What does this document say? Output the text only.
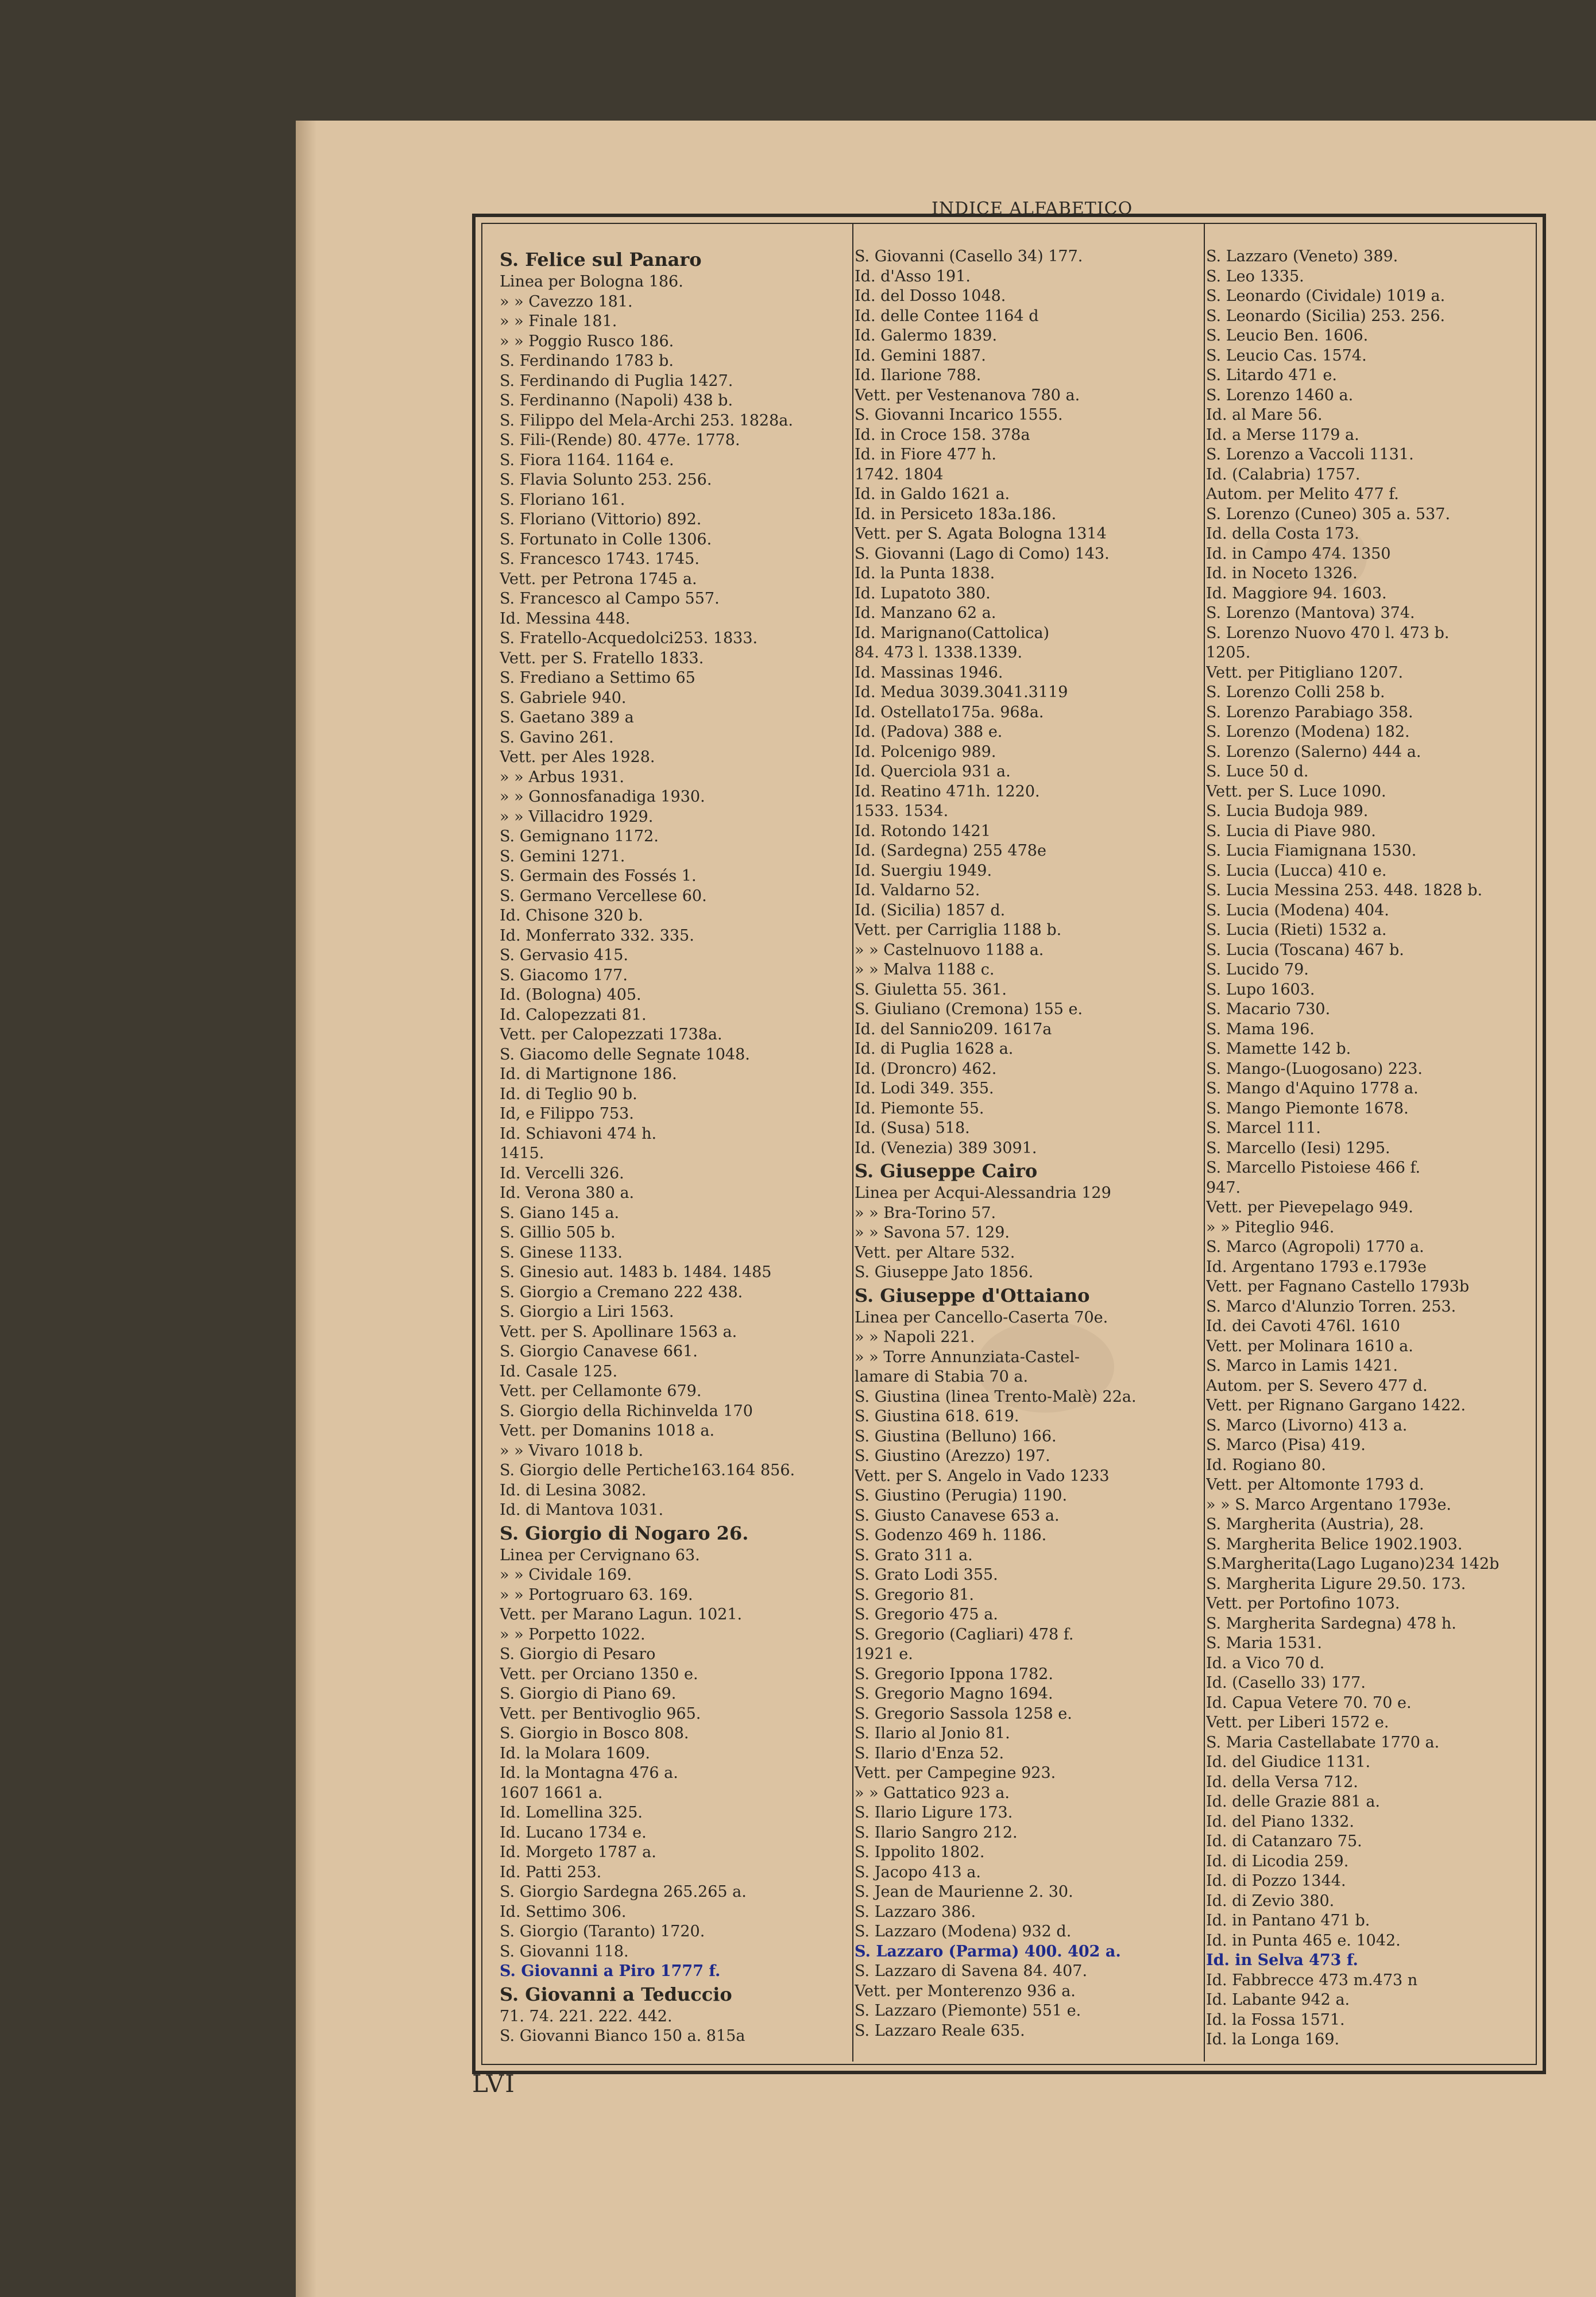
INDICE ALFABETICO
S. Felice sul Panaro
Linea per Bologna 186.
» » Cavezzo 181.
» » Finale 181.
» » Poggio Rusco 186.
S. Ferdinando 1783 b.
S. Ferdinando di Puglia 1427.
S. Ferdinanno (Napoli) 438 b.
S. Filippo del Mela-Archi 253. 1828a.
S. Fili-(Rende) 80. 477e. 1778.
S. Fiora 1164. 1164 e.
S. Flavia Solunto 253. 256.
S. Floriano 161.
S. Floriano (Vittorio) 892.
S. Fortunato in Colle 1306.
S. Francesco 1743. 1745.
Vett. per Petrona 1745 a.
S. Francesco al Campo 557.
Id. Messina 448.
S. Fratello-Acquedolci253. 1833.
Vett. per S. Fratello 1833.
S. Frediano a Settimo 65
S. Gabriele 940.
S. Gaetano 389 a
S. Gavino 261.
Vett. per Ales 1928.
» » Arbus 1931.
» » Gonnosfanadiga 1930.
» » Villacidro 1929.
S. Gemignano 1172.
S. Gemini 1271.
S. Germain des Fossés 1.
S. Germano Vercellese 60.
Id. Chisone 320 b.
Id. Monferrato 332. 335.
S. Gervasio 415.
S. Giacomo 177.
Id. (Bologna) 405.
Id. Calopezzati 81.
Vett. per Calopezzati 1738a.
S. Giacomo delle Segnate 1048.
Id. di Martignone 186.
Id. di Teglio 90 b.
Id, e Filippo 753.
Id. Schiavoni 474 h.
1415.
Id. Vercelli 326.
Id. Verona 380 a.
S. Giano 145 a.
S. Gillio 505 b.
S. Ginese 1133.
S. Ginesio aut. 1483 b. 1484. 1485
S. Giorgio a Cremano 222 438.
S. Giorgio a Liri 1563.
Vett. per S. Apollinare 1563 a.
S. Giorgio Canavese 661.
Id. Casale 125.
Vett. per Cellamonte 679.
S. Giorgio della Richinvelda 170
Vett. per Domanins 1018 a.
» » Vivaro 1018 b.
S. Giorgio delle Pertiche163.164 856.
Id. di Lesina 3082.
Id. di Mantova 1031.
S. Giorgio di Nogaro 26.
Linea per Cervignano 63.
» » Cividale 169.
» » Portogruaro 63. 169.
Vett. per Marano Lagun. 1021.
» » Porpetto 1022.
S. Giorgio di Pesaro
Vett. per Orciano 1350 e.
S. Giorgio di Piano 69.
Vett. per Bentivoglio 965.
S. Giorgio in Bosco 808.
Id. la Molara 1609.
Id. la Montagna 476 a.
1607 1661 a.
Id. Lomellina 325.
Id. Lucano 1734 e.
Id. Morgeto 1787 a.
Id. Patti 253.
S. Giorgio Sardegna 265.265 a.
Id. Settimo 306.
S. Giorgio (Taranto) 1720.
S. Giovanni 118.
S. Giovanni a Piro 1777 f.
S. Giovanni a Teduccio
71. 74. 221. 222. 442.
S. Giovanni Bianco 150 a. 815a
S. Giovanni (Casello 34) 177.
Id. d'Asso 191.
Id. del Dosso 1048.
Id. delle Contee 1164 d
Id. Galermo 1839.
Id. Gemini 1887.
Id. Ilarione 788.
Vett. per Vestenanova 780 a.
S. Giovanni Incarico 1555.
Id. in Croce 158. 378a
Id. in Fiore 477 h.
1742. 1804
Id. in Galdo 1621 a.
Id. in Persiceto 183a.186.
Vett. per S. Agata Bologna 1314
S. Giovanni (Lago di Como) 143.
Id. la Punta 1838.
Id. Lupatoto 380.
Id. Manzano 62 a.
Id. Marignano(Cattolica)
84. 473 l. 1338.1339.
Id. Massinas 1946.
Id. Medua 3039.3041.3119
Id. Ostellato175a. 968a.
Id. (Padova) 388 e.
Id. Polcenigo 989.
Id. Querciola 931 a.
Id. Reatino 471h. 1220.
1533. 1534.
Id. Rotondo 1421
Id. (Sardegna) 255 478e
Id. Suergiu 1949.
Id. Valdarno 52.
Id. (Sicilia) 1857 d.
Vett. per Carriglia 1188 b.
» » Castelnuovo 1188 a.
» » Malva 1188 c.
S. Giuletta 55. 361.
S. Giuliano (Cremona) 155 e.
Id. del Sannio209. 1617a
Id. di Puglia 1628 a.
Id. (Droncro) 462.
Id. Lodi 349. 355.
Id. Piemonte 55.
Id. (Susa) 518.
Id. (Venezia) 389 3091.
S. Giuseppe Cairo
Linea per Acqui-Alessandria 129
» » Bra-Torino 57.
» » Savona 57. 129.
Vett. per Altare 532.
S. Giuseppe Jato 1856.
S. Giuseppe d'Ottaiano
Linea per Cancello-Caserta 70e.
» » Napoli 221.
» » Torre Annunziata-Castel-
lamare di Stabia 70 a.
S. Giustina (linea Trento-Malè) 22a.
S. Giustina 618. 619.
S. Giustina (Belluno) 166.
S. Giustino (Arezzo) 197.
Vett. per S. Angelo in Vado 1233
S. Giustino (Perugia) 1190.
S. Giusto Canavese 653 a.
S. Godenzo 469 h. 1186.
S. Grato 311 a.
S. Grato Lodi 355.
S. Gregorio 81.
S. Gregorio 475 a.
S. Gregorio (Cagliari) 478 f.
1921 e.
S. Gregorio Ippona 1782.
S. Gregorio Magno 1694.
S. Gregorio Sassola 1258 e.
S. Ilario al Jonio 81.
S. Ilario d'Enza 52.
Vett. per Campegine 923.
» » Gattatico 923 a.
S. Ilario Ligure 173.
S. Ilario Sangro 212.
S. Ippolito 1802.
S. Jacopo 413 a.
S. Jean de Maurienne 2. 30.
S. Lazzaro 386.
S. Lazzaro (Modena) 932 d.
S. Lazzaro (Parma) 400. 402 a.
S. Lazzaro di Savena 84. 407.
Vett. per Monterenzo 936 a.
S. Lazzaro (Piemonte) 551 e.
S. Lazzaro Reale 635.
S. Lazzaro (Veneto) 389.
S. Leo 1335.
S. Leonardo (Cividale) 1019 a.
S. Leonardo (Sicilia) 253. 256.
S. Leucio Ben. 1606.
S. Leucio Cas. 1574.
S. Litardo 471 e.
S. Lorenzo 1460 a.
Id. al Mare 56.
Id. a Merse 1179 a.
S. Lorenzo a Vaccoli 1131.
Id. (Calabria) 1757.
Autom. per Melito 477 f.
S. Lorenzo (Cuneo) 305 a. 537.
Id. della Costa 173.
Id. in Campo 474. 1350
Id. in Noceto 1326.
Id. Maggiore 94. 1603.
S. Lorenzo (Mantova) 374.
S. Lorenzo Nuovo 470 l. 473 b.
1205.
Vett. per Pitigliano 1207.
S. Lorenzo Colli 258 b.
S. Lorenzo Parabiago 358.
S. Lorenzo (Modena) 182.
S. Lorenzo (Salerno) 444 a.
S. Luce 50 d.
Vett. per S. Luce 1090.
S. Lucia Budoja 989.
S. Lucia di Piave 980.
S. Lucia Fiamignana 1530.
S. Lucia (Lucca) 410 e.
S. Lucia Messina 253. 448. 1828 b.
S. Lucia (Modena) 404.
S. Lucia (Rieti) 1532 a.
S. Lucia (Toscana) 467 b.
S. Lucido 79.
S. Lupo 1603.
S. Macario 730.
S. Mama 196.
S. Mamette 142 b.
S. Mango-(Luogosano) 223.
S. Mango d'Aquino 1778 a.
S. Mango Piemonte 1678.
S. Marcel 111.
S. Marcello (Iesi) 1295.
S. Marcello Pistoiese 466 f.
947.
Vett. per Pievepelago 949.
» » Piteglio 946.
S. Marco (Agropoli) 1770 a.
Id. Argentano 1793 e.1793e
Vett. per Fagnano Castello 1793b
S. Marco d'Alunzio Torren. 253.
Id. dei Cavoti 476l. 1610
Vett. per Molinara 1610 a.
S. Marco in Lamis 1421.
Autom. per S. Severo 477 d.
Vett. per Rignano Gargano 1422.
S. Marco (Livorno) 413 a.
S. Marco (Pisa) 419.
Id. Rogiano 80.
Vett. per Altomonte 1793 d.
» » S. Marco Argentano 1793e.
S. Margherita (Austria), 28.
S. Margherita Belice 1902.1903.
S.Margherita(Lago Lugano)234 142b
S. Margherita Ligure 29.50. 173.
Vett. per Portofino 1073.
S. Margherita Sardegna) 478 h.
S. Maria 1531.
Id. a Vico 70 d.
Id. (Casello 33) 177.
Id. Capua Vetere 70. 70 e.
Vett. per Liberi 1572 e.
S. Maria Castellabate 1770 a.
Id. del Giudice 1131.
Id. della Versa 712.
Id. delle Grazie 881 a.
Id. del Piano 1332.
Id. di Catanzaro 75.
Id. di Licodia 259.
Id. di Pozzo 1344.
Id. di Zevio 380.
Id. in Pantano 471 b.
Id. in Punta 465 e. 1042.
Id. in Selva 473 f.
Id. Fabbrecce 473 m.473 n
Id. Labante 942 a.
Id. la Fossa 1571.
Id. la Longa 169.
LVI
